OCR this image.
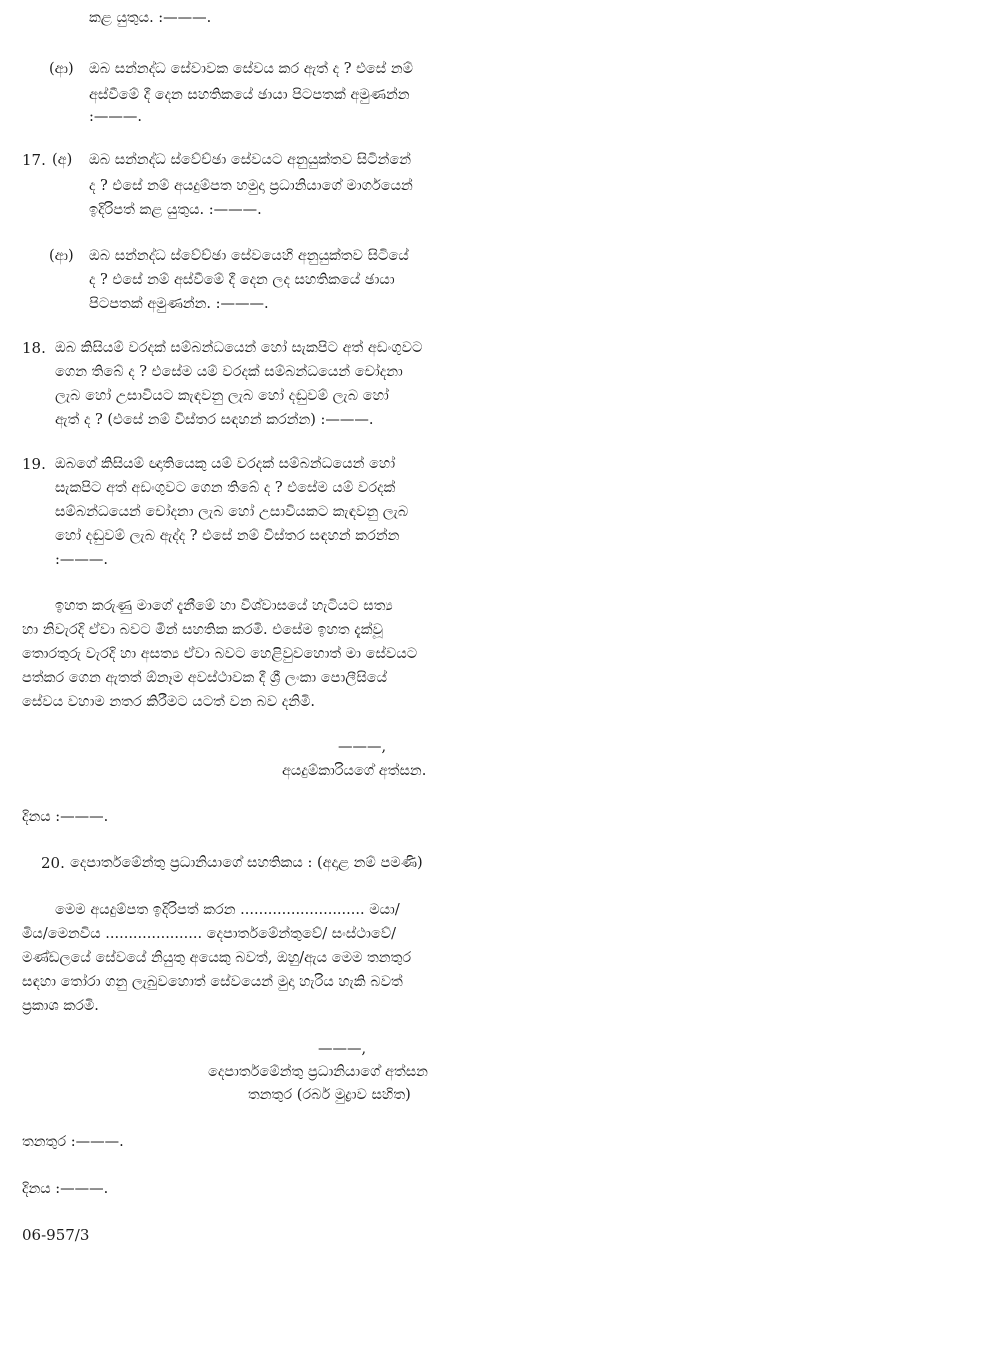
කළ යුතුය. :———.
(ආ) ඔබ සන්නද්ධ සේවාවක සේවය කර ඇත් ද ? එසේ නම්
අස්වීමේ දී දෙන සහතිකයේ ඡායා පිටපතක් අමුණන්න
:———.
17. (අ) ඔබ සන්නද්ධ ස්වේච්ඡා සේවයට අනුයුක්තව සිටින්නේ
ද ? එසේ නම් අයදුම්පත හමුදා ප්‍රධානියාගේ මාර්ගයෙන්
ඉදිරිපත් කළ යුතුය. :———.
(ආ) ඔබ සන්නද්ධ ස්වේච්ඡා සේවයෙහි අනුයුක්තව සිටියේ
ද ? එසේ නම් අස්වීමේ දී දෙන ලද සහතිකයේ ඡායා
පිටපතක් අමුණන්න. :———.
18. ඔබ කිසියම් වරදක් සම්බන්ධයෙන් හෝ සැකපිට අත් අඩංගුවට
ගෙන තිබේ ද ? එසේම යම් වරදක් සම්බන්ධයෙන් චෝදනා
ලැබ හෝ උසාවියට කැඳවනු ලැබ හෝ දඬුවම් ලැබ හෝ
ඇත් ද ? (එසේ නම් විස්තර සඳහන් කරන්න) :———.
19. ඔබගේ කිසියම් ඥාතියෙකු යම් වරදක් සම්බන්ධයෙන් හෝ
සැකපිට අත් අඩංගුවට ගෙන තිබේ ද ? එසේම යම් වරදක්
සම්බන්ධයෙන් චෝදනා ලැබ හෝ උසාවියකට කැඳවනු ලැබ
හෝ දඬුවම් ලැබ ඇද්ද ? එසේ නම් විස්තර සඳහන් කරන්න
:———.
ඉහත කරුණු මාගේ දැනීමේ හා විශ්වාසයේ හැටියට සත්‍ය
හා නිවැරදි ඒවා බවට මින් සහතික කරමි. එසේම ඉහත දැක්වූ
තොරතුරු වැරදි හා අසත්‍ය ඒවා බවට හෙළිවුවහොත් මා සේවයට
පත්කර ගෙන ඇතත් ඕනෑම අවස්ථාවක දී ශ්‍රී ලංකා පොලීසියේ
සේවය වහාම නතර කිරීමට යටත් වන බව දනිමි.
———,
අයදුම්කාරියගේ අත්සන.
දිනය :———.
20. දෙපාර්තමේන්තු ප්‍රධානියාගේ සහතිකය : (අදාළ නම් පමණි)
මෙම අයදුම්පත ඉදිරිපත් කරන ........................... මයා/
මිය/මෙනවිය ..................... දෙපාර්තමේන්තුවේ/ සංස්ථාවේ/
මණ්ඩලයේ සේවයේ නියුතු අයෙකු බවත්, ඔහු/ඇය මෙම තනතුර
සඳහා තෝරා ගනු ලැබුවහොත් සේවයෙන් මුදා හැරිය හැකි බවත්
ප්‍රකාශ කරමි.
———,
දෙපාර්තමේන්තු ප්‍රධානියාගේ අත්සන
තනතුර (රබර් මුද්‍රාව සහිත)
තනතුර :———.
දිනය :———.
06-957/3
